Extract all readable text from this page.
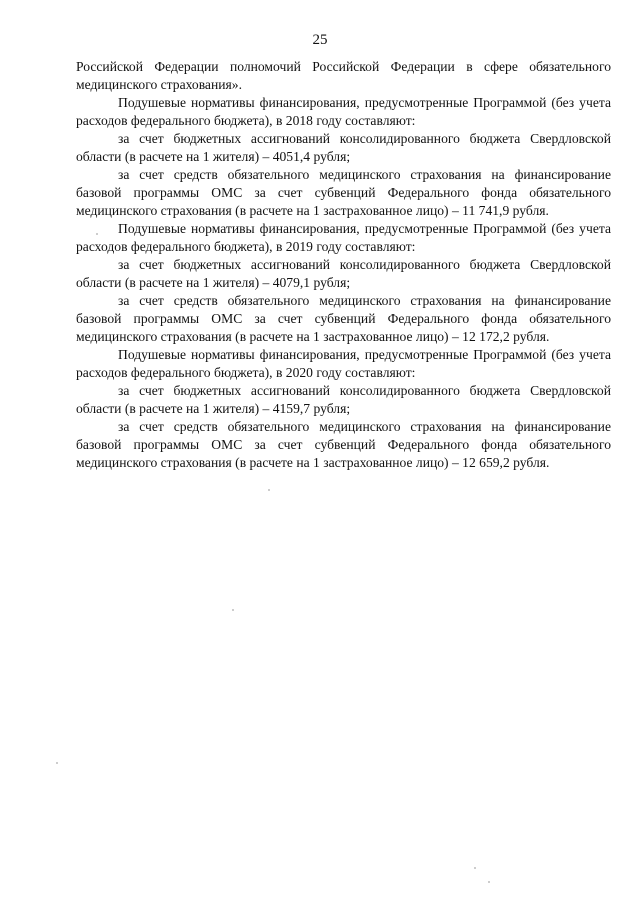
25

Российской Федерации полномочий Российской Федерации в сфере обязательного медицинского страхования».

Подушевые нормативы финансирования, предусмотренные Программой (без учета расходов федерального бюджета), в 2018 году составляют:

за счет бюджетных ассигнований консолидированного бюджета Свердловской области (в расчете на 1 жителя) – 4051,4 рубля;

за счет средств обязательного медицинского страхования на финансирование базовой программы ОМС за счет субвенций Федерального фонда обязательного медицинского страхования (в расчете на 1 застрахованное лицо) – 11 741,9 рубля.

Подушевые нормативы финансирования, предусмотренные Программой (без учета расходов федерального бюджета), в 2019 году составляют:

за счет бюджетных ассигнований консолидированного бюджета Свердловской области (в расчете на 1 жителя) – 4079,1 рубля;

за счет средств обязательного медицинского страхования на финансирование базовой программы ОМС за счет субвенций Федерального фонда обязательного медицинского страхования (в расчете на 1 застрахованное лицо) – 12 172,2 рубля.

Подушевые нормативы финансирования, предусмотренные Программой (без учета расходов федерального бюджета), в 2020 году составляют:

за счет бюджетных ассигнований консолидированного бюджета Свердловской области (в расчете на 1 жителя) – 4159,7 рубля;

за счет средств обязательного медицинского страхования на финансирование базовой программы ОМС за счет субвенций Федерального фонда обязательного медицинского страхования (в расчете на 1 застрахованное лицо) – 12 659,2 рубля.
